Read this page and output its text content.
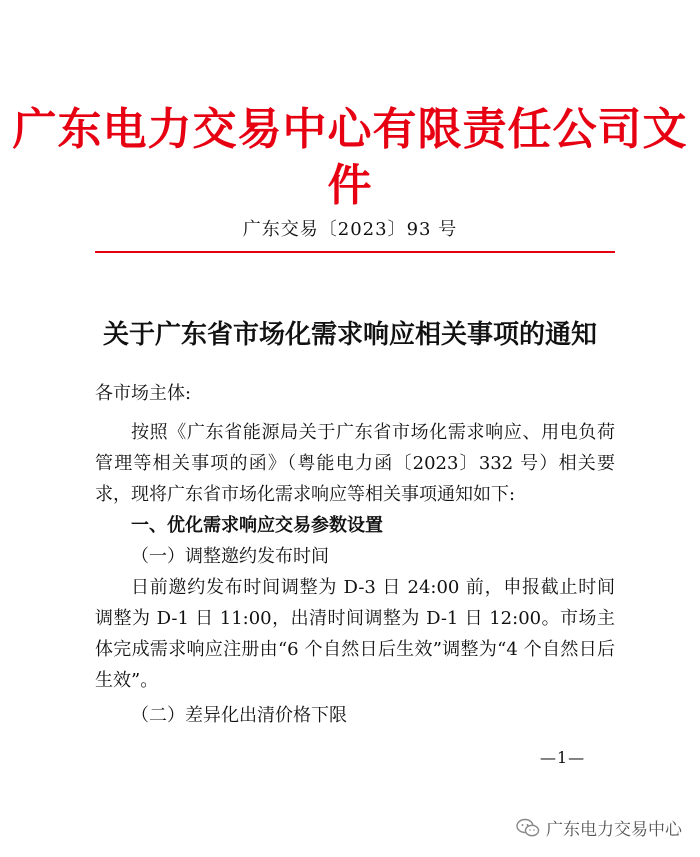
广东电力交易中心有限责任公司文件
广东交易〔2023〕93 号
关于广东省市场化需求响应相关事项的通知

各市场主体:

按照《广东省能源局关于广东省市场化需求响应、用电负荷管理等相关事项的函》（粤能电力函〔2023〕332 号）相关要求，现将广东省市场化需求响应等相关事项通知如下:

一、优化需求响应交易参数设置

（一）调整邀约发布时间

日前邀约发布时间调整为 D-3 日 24:00 前，申报截止时间调整为 D-1 日 11:00，出清时间调整为 D-1 日 12:00。市场主体完成需求响应注册由“6 个自然日后生效”调整为“4 个自然日后生效”。

（二）差异化出清价格下限

—1—
广东电力交易中心
